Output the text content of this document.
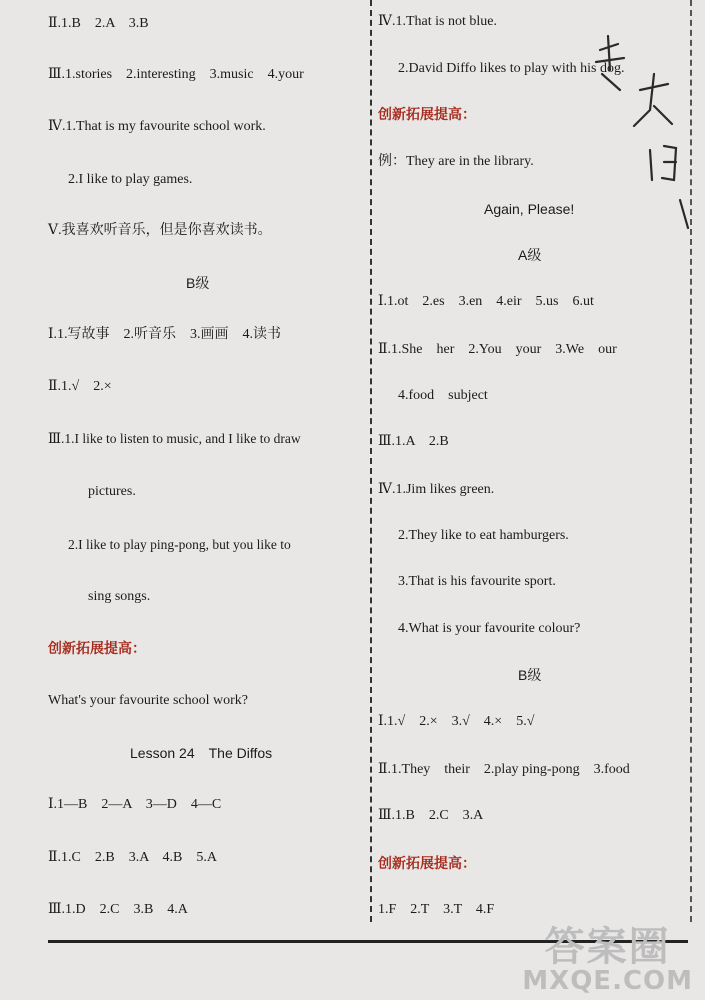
Ⅱ.1.B　2.A　3.B
Ⅲ.1.stories　2.interesting　3.music　4.your
Ⅳ.1.That is my favourite school work.
2.I like to play games.
Ⅴ.我喜欢听音乐，但是你喜欢读书。
B级
Ⅰ.1.写故事　2.听音乐　3.画画　4.读书
Ⅱ.1.√　2.×
Ⅲ.1.I like to listen to music, and I like to draw
pictures.
2.I like to play ping-pong, but you like to
sing songs.
创新拓展提高：
What's your favourite school work?
Lesson 24　The Diffos
Ⅰ.1—B　2—A　3—D　4—C
Ⅱ.1.C　2.B　3.A　4.B　5.A
Ⅲ.1.D　2.C　3.B　4.A
Ⅳ.1.That is not blue.
2.David Diffo likes to play with his dog.
创新拓展提高：
例：They are in the library.
Again, Please!
A级
Ⅰ.1.ot　2.es　3.en　4.eir　5.us　6.ut
Ⅱ.1.She　her　2.You　your　3.We　our
4.food　subject
Ⅲ.1.A　2.B
Ⅳ.1.Jim likes green.
2.They like to eat hamburgers.
3.That is his favourite sport.
4.What is your favourite colour?
B级
Ⅰ.1.√　2.×　3.√　4.×　5.√
Ⅱ.1.They　their　2.play ping-pong　3.food
Ⅲ.1.B　2.C　3.A
创新拓展提高：
1.F　2.T　3.T　4.F
答案圈
MXQE.COM
